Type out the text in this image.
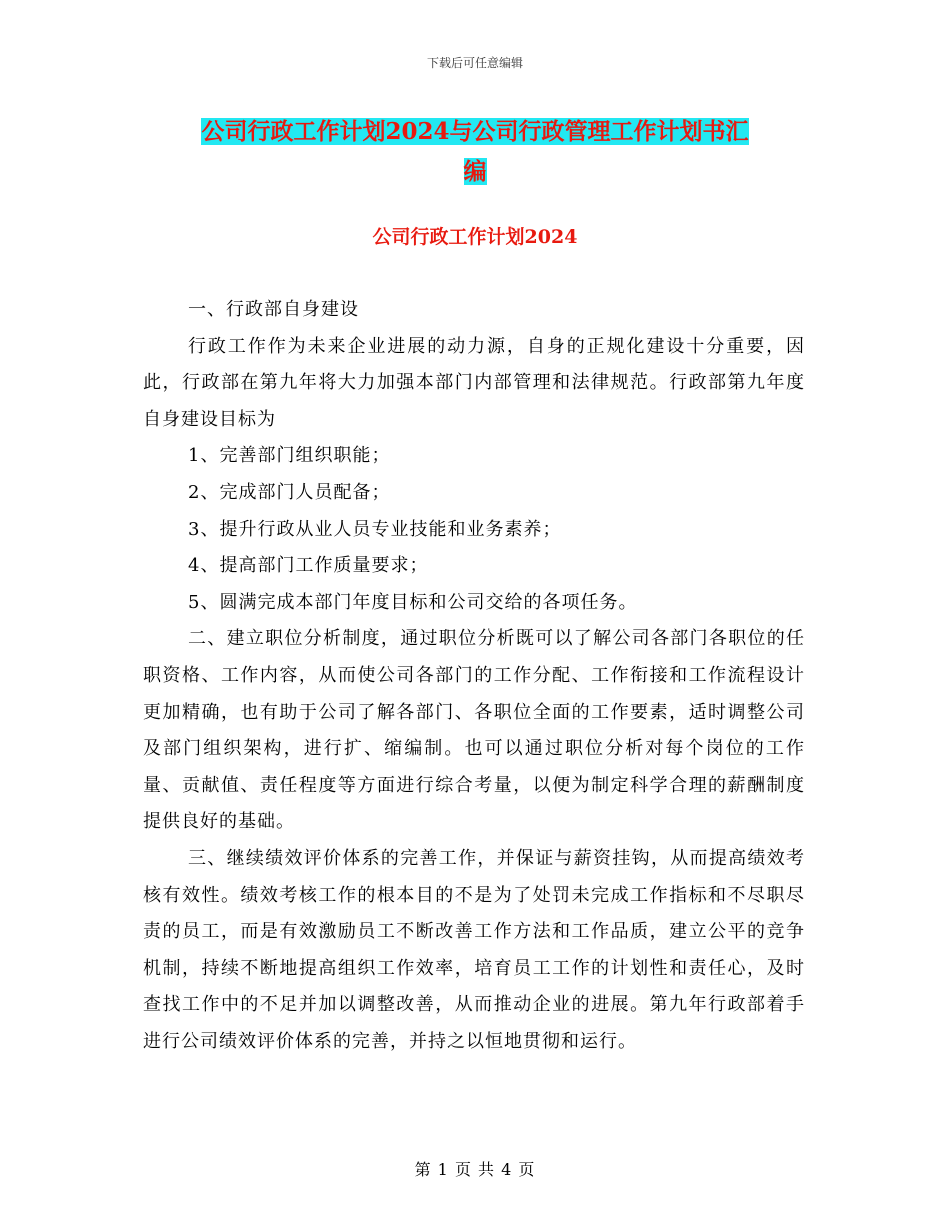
下载后可任意编辑
公司行政工作计划2024与公司行政管理工作计划书汇
编
公司行政工作计划2024

一、行政部自身建设

行政工作作为未来企业进展的动力源，自身的正规化建设十分重要，因此，行政部在第九年将大力加强本部门内部管理和法律规范。行政部第九年度自身建设目标为

1、完善部门组织职能；

2、完成部门人员配备；

3、提升行政从业人员专业技能和业务素养；

4、提高部门工作质量要求；

5、圆满完成本部门年度目标和公司交给的各项任务。

二、建立职位分析制度，通过职位分析既可以了解公司各部门各职位的任职资格、工作内容，从而使公司各部门的工作分配、工作衔接和工作流程设计更加精确，也有助于公司了解各部门、各职位全面的工作要素，适时调整公司及部门组织架构，进行扩、缩编制。也可以通过职位分析对每个岗位的工作量、贡献值、责任程度等方面进行综合考量，以便为制定科学合理的薪酬制度提供良好的基础。

三、继续绩效评价体系的完善工作，并保证与薪资挂钩，从而提高绩效考核有效性。绩效考核工作的根本目的不是为了处罚未完成工作指标和不尽职尽责的员工，而是有效激励员工不断改善工作方法和工作品质，建立公平的竞争机制，持续不断地提高组织工作效率，培育员工工作的计划性和责任心，及时查找工作中的不足并加以调整改善，从而推动企业的进展。第九年行政部着手进行公司绩效评价体系的完善，并持之以恒地贯彻和运行。

第 1 页 共 4 页
